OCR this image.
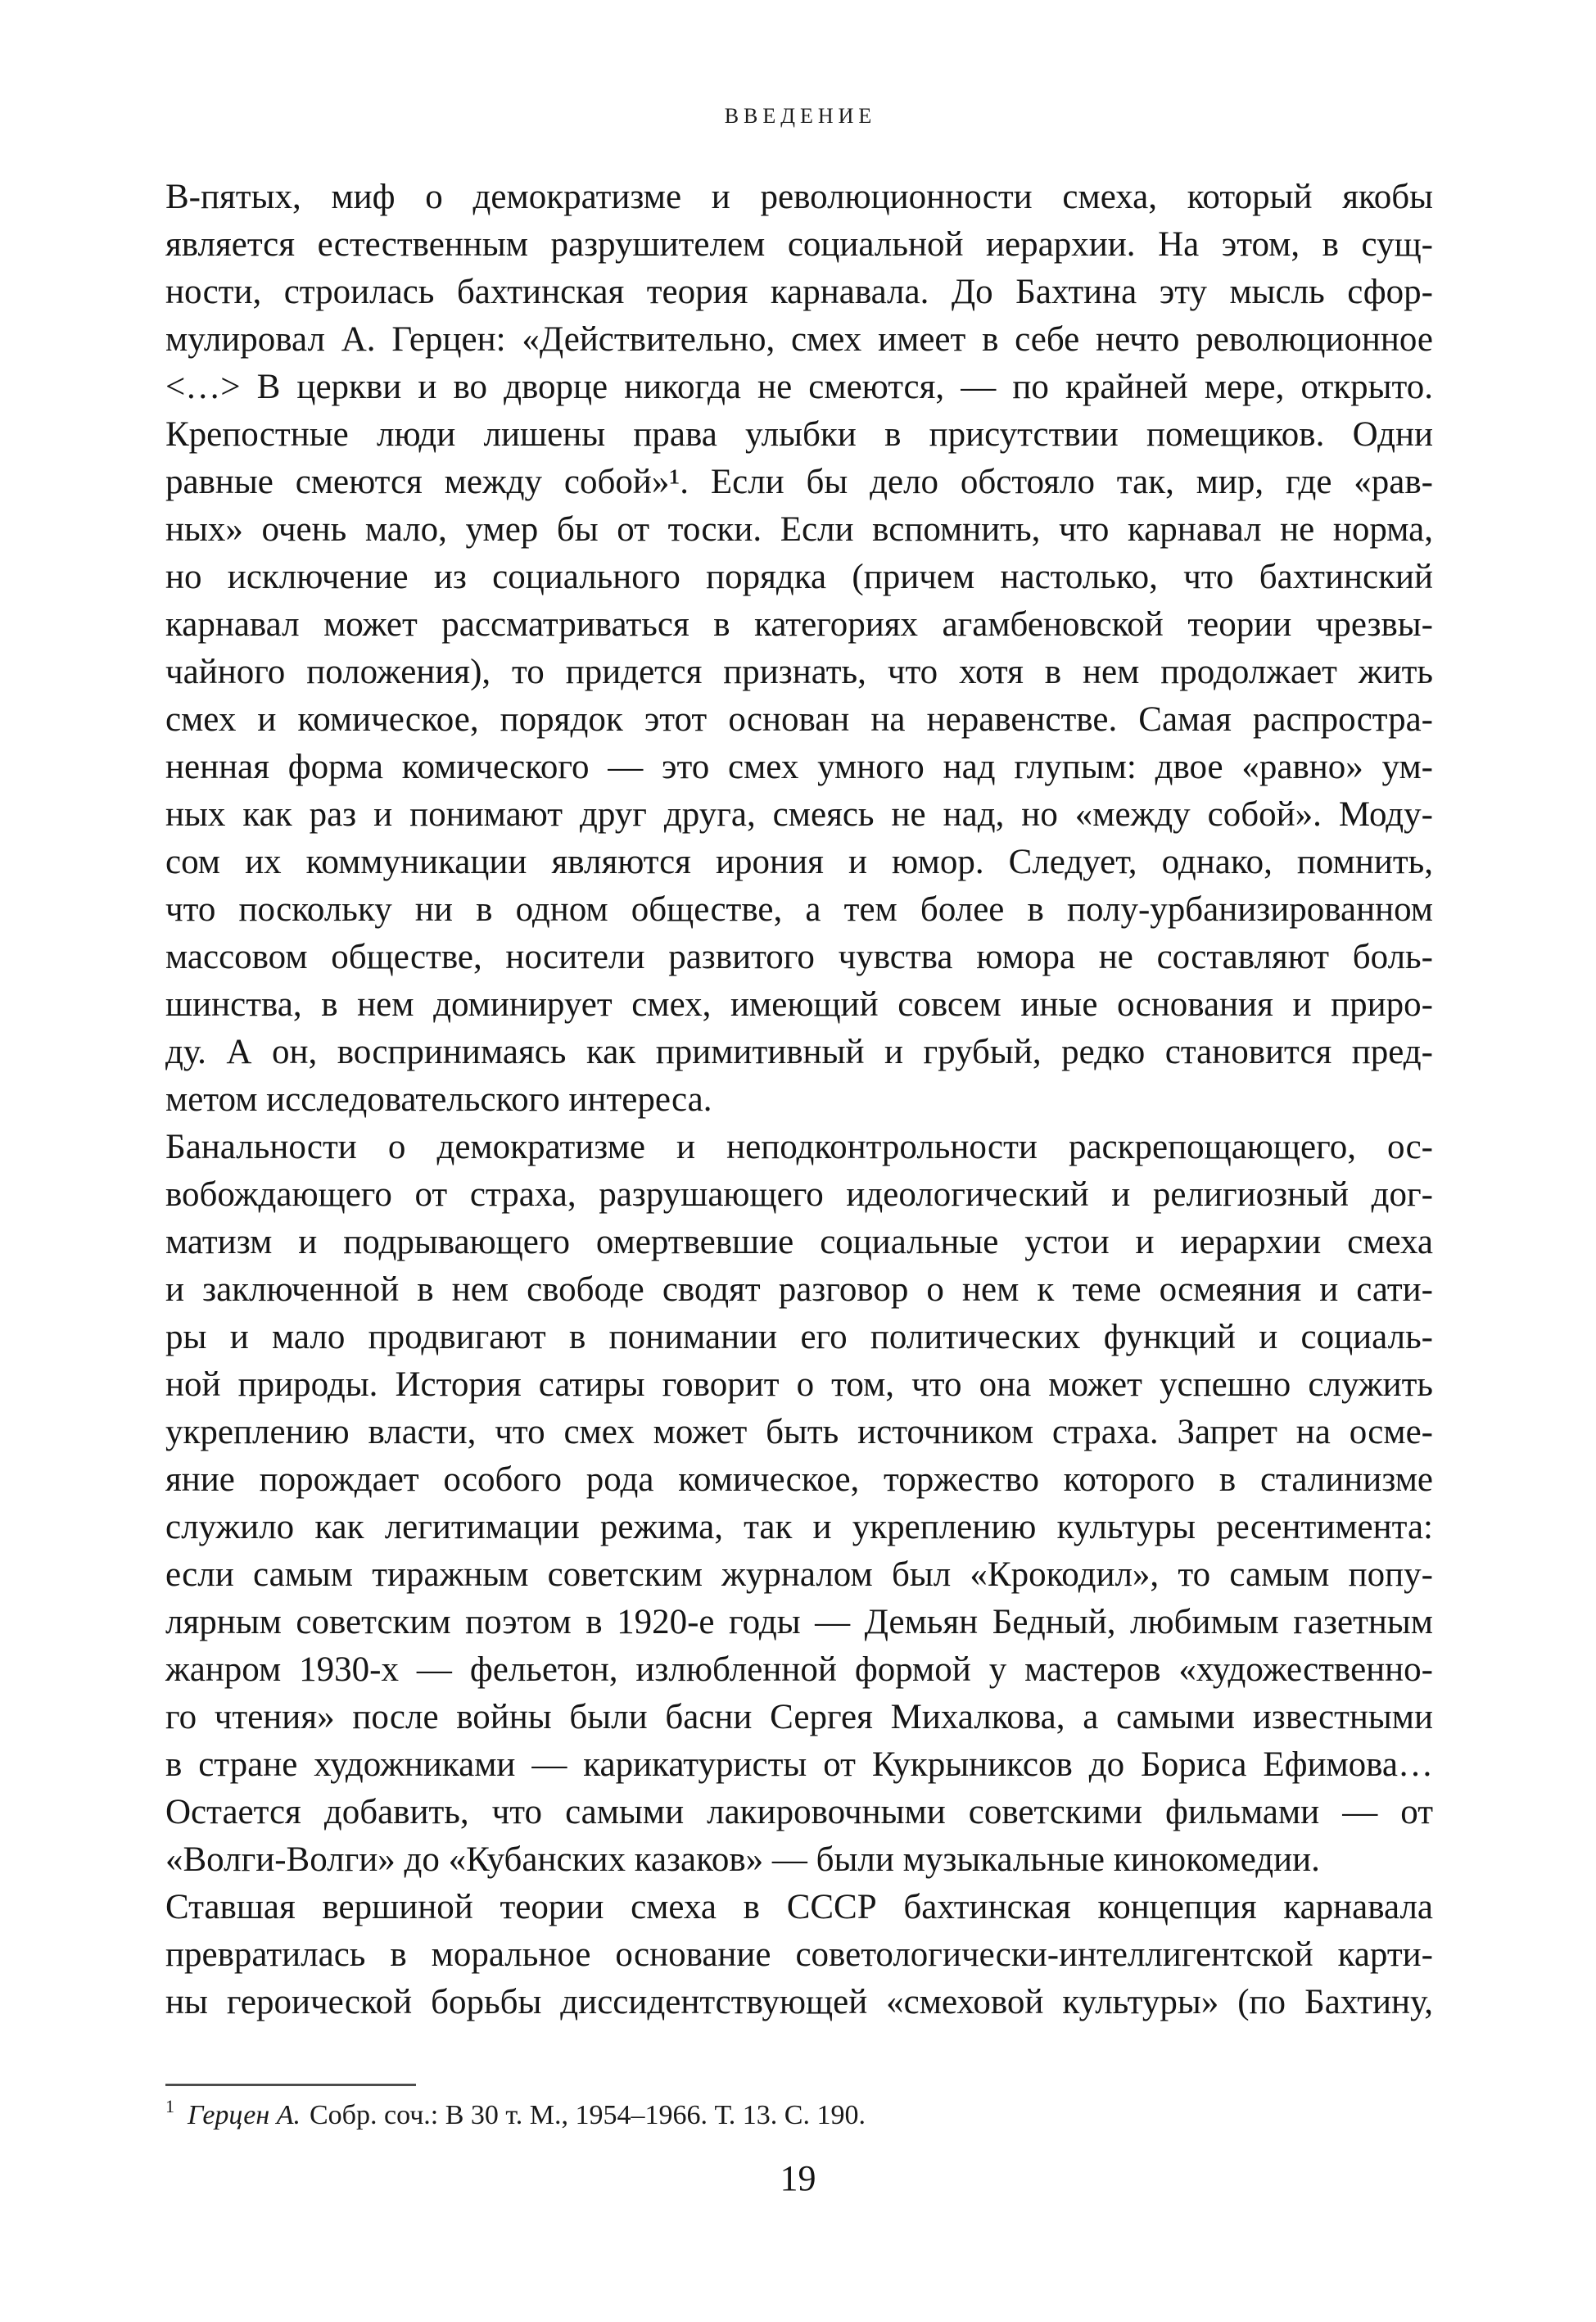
ВВЕДЕНИЕ
В-пятых, миф о демократизме и революционности смеха, который якобы
является естественным разрушителем социальной иерархии. На этом, в сущ-
ности, строилась бахтинская теория карнавала. До Бахтина эту мысль сфор-
мулировал А. Герцен: «Действительно, смех имеет в себе нечто революционное
<…> В церкви и во дворце никогда не смеются, — по крайней мере, открыто.
Крепостные люди лишены права улыбки в присутствии помещиков. Одни
равные смеются между собой»¹. Если бы дело обстояло так, мир, где «рав-
ных» очень мало, умер бы от тоски. Если вспомнить, что карнавал не норма,
но исключение из социального порядка (причем настолько, что бахтинский
карнавал может рассматриваться в категориях агамбеновской теории чрезвы-
чайного положения), то придется признать, что хотя в нем продолжает жить
смех и комическое, порядок этот основан на неравенстве. Самая распростра-
ненная форма комического — это смех умного над глупым: двое «равно» ум-
ных как раз и понимают друг друга, смеясь не над, но «между собой». Моду-
сом их коммуникации являются ирония и юмор. Следует, однако, помнить,
что поскольку ни в одном обществе, а тем более в полу-урбанизированном
массовом обществе, носители развитого чувства юмора не составляют боль-
шинства, в нем доминирует смех, имеющий совсем иные основания и приро-
ду. А он, воспринимаясь как примитивный и грубый, редко становится пред-
метом исследовательского интереса.
Банальности о демократизме и неподконтрольности раскрепощающего, ос-
вобождающего от страха, разрушающего идеологический и религиозный дог-
матизм и подрывающего омертвевшие социальные устои и иерархии смеха
и заключенной в нем свободе сводят разговор о нем к теме осмеяния и сати-
ры и мало продвигают в понимании его политических функций и социаль-
ной природы. История сатиры говорит о том, что она может успешно служить
укреплению власти, что смех может быть источником страха. Запрет на осме-
яние порождает особого рода комическое, торжество которого в сталинизме
служило как легитимации режима, так и укреплению культуры ресентимента:
если самым тиражным советским журналом был «Крокодил», то самым попу-
лярным советским поэтом в 1920-е годы — Демьян Бедный, любимым газетным
жанром 1930-х — фельетон, излюбленной формой у мастеров «художественно-
го чтения» после войны были басни Сергея Михалкова, а самыми известными
в стране художниками — карикатуристы от Кукрыниксов до Бориса Ефимова…
Остается добавить, что самыми лакировочными советскими фильмами — от
«Волги-Волги» до «Кубанских казаков» — были музыкальные кинокомедии.
Ставшая вершиной теории смеха в СССР бахтинская концепция карнавала
превратилась в моральное основание советологически-интеллигентской карти-
ны героической борьбы диссидентствующей «смеховой культуры» (по Бахтину,
$^1$ Герцен А. Собр. соч.: В 30 т. М., 1954–1966. Т. 13. С. 190.
19
